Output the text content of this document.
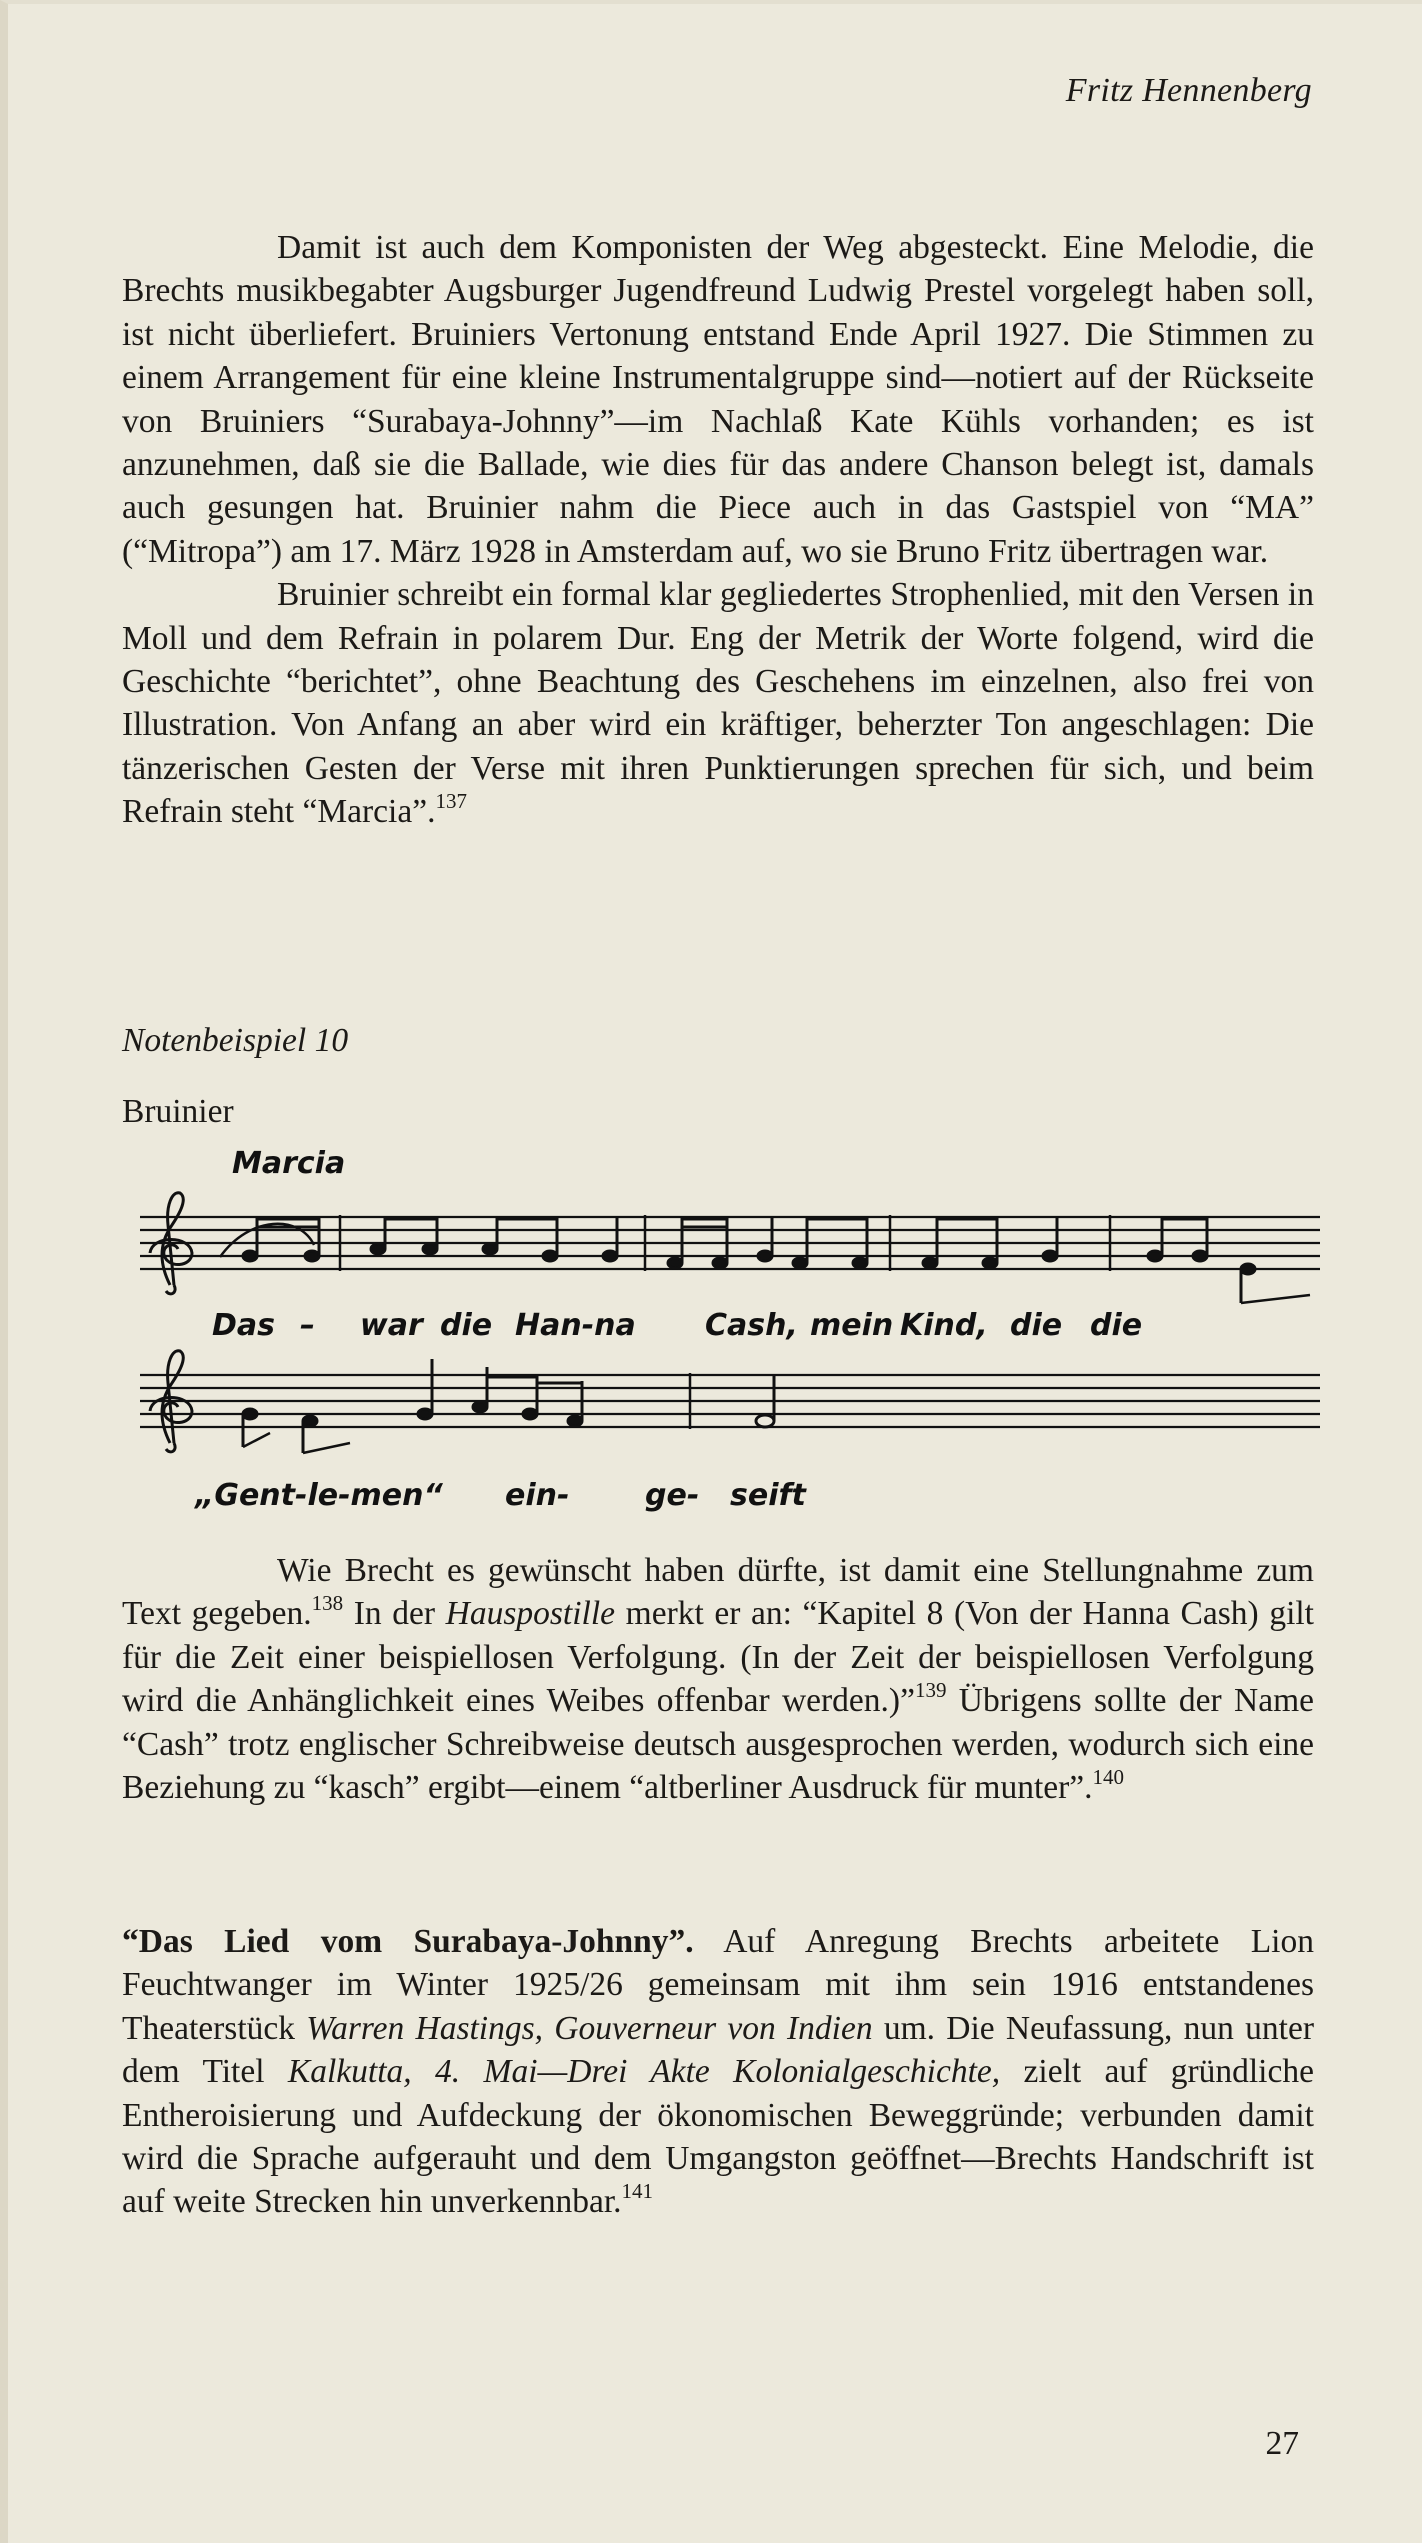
Fritz Hennenberg

Damit ist auch dem Komponisten der Weg abgesteckt. Eine Melodie, die Brechts musikbegabter Augsburger Jugendfreund Ludwig Prestel vorgelegt haben soll, ist nicht überliefert. Bruiniers Vertonung entstand Ende April 1927. Die Stimmen zu einem Arrangement für eine kleine Instrumentalgruppe sind—notiert auf der Rückseite von Bruiniers “Surabaya-Johnny”—im Nachlaß Kate Kühls vorhanden; es ist anzunehmen, daß sie die Ballade, wie dies für das andere Chanson belegt ist, damals auch gesungen hat. Bruinier nahm die Piece auch in das Gastspiel von “MA” (“Mitropa”) am 17. März 1928 in Amsterdam auf, wo sie Bruno Fritz übertragen war.

Bruinier schreibt ein formal klar gegliedertes Strophenlied, mit den Versen in Moll und dem Refrain in polarem Dur. Eng der Metrik der Worte folgend, wird die Geschichte “berichtet”, ohne Beachtung des Geschehens im einzelnen, also frei von Illustration. Von Anfang an aber wird ein kräftiger, beherzter Ton angeschlagen: Die tänzerischen Gesten der Verse mit ihren Punktierungen sprechen für sich, und beim Refrain steht “Marcia”.$^{137}$

Notenbeispiel 10
Bruinier
Marcia
Das – war die Han-na Cash, mein Kind, die die
„Gent-le-men“ ein-	ge- seift

Wie Brecht es gewünscht haben dürfte, ist damit eine Stellungnahme zum Text gegeben.$^{138}$ In der Hauspostille merkt er an: “Kapitel 8 (Von der Hanna Cash) gilt für die Zeit einer beispiellosen Verfolgung. (In der Zeit der beispiellosen Verfolgung wird die Anhänglichkeit eines Weibes offenbar werden.)”$^{139}$ Übrigens sollte der Name “Cash” trotz englischer Schreibweise deutsch ausgesprochen werden, wodurch sich eine Beziehung zu “kasch” ergibt—einem “altberliner Ausdruck für munter”.$^{140}$

“Das Lied vom Surabaya-Johnny”. Auf Anregung Brechts arbeitete Lion Feuchtwanger im Winter 1925/26 gemeinsam mit ihm sein 1916 entstandenes Theaterstück Warren Hastings, Gouverneur von Indien um. Die Neufassung, nun unter dem Titel Kalkutta, 4. Mai—Drei Akte Kolonialgeschichte, zielt auf gründliche Entheroisierung und Aufdeckung der ökonomischen Beweggründe; verbunden damit wird die Sprache aufgerauht und dem Umgangston geöffnet—Brechts Handschrift ist auf weite Strecken hin unverkennbar.$^{141}$

27
